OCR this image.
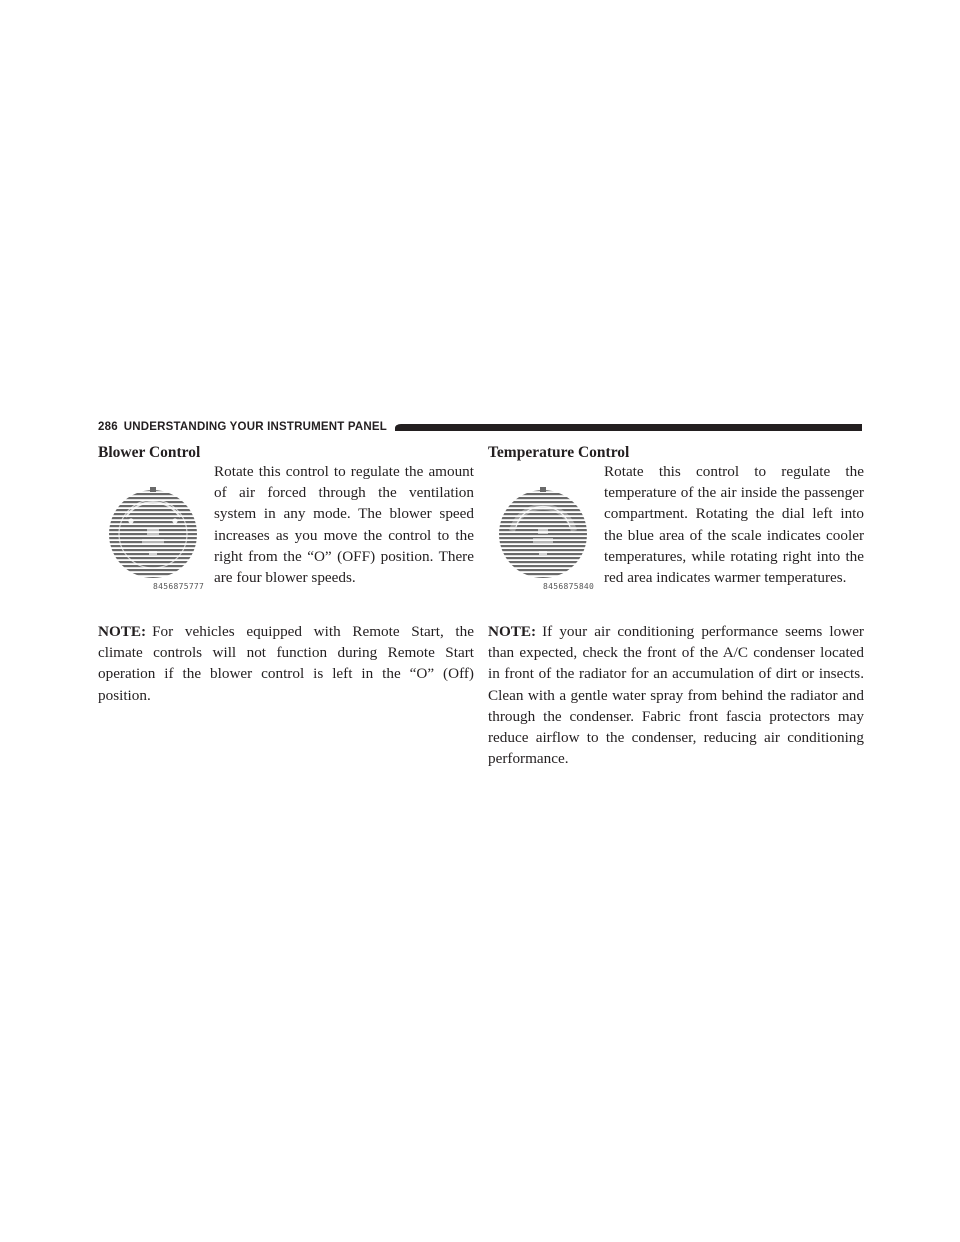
286 UNDERSTANDING YOUR INSTRUMENT PANEL
Blower Control
8456875777

Rotate this control to regulate the amount of air forced through the ventilation system in any mode. The blower speed increases as you move the control to the right from the “O” (OFF) position. There are four blower speeds.

NOTE: For vehicles equipped with Remote Start, the climate controls will not function during Remote Start operation if the blower control is left in the “O” (Off) position.

Temperature Control
8456875840

Rotate this control to regulate the temperature of the air inside the passenger compartment. Rotating the dial left into the blue area of the scale indicates cooler temperatures, while rotating right into the red area indicates warmer temperatures.

NOTE: If your air conditioning performance seems lower than expected, check the front of the A/C condenser located in front of the radiator for an accumulation of dirt or insects. Clean with a gentle water spray from behind the radiator and through the condenser. Fabric front fascia protectors may reduce airflow to the condenser, reducing air conditioning performance.
